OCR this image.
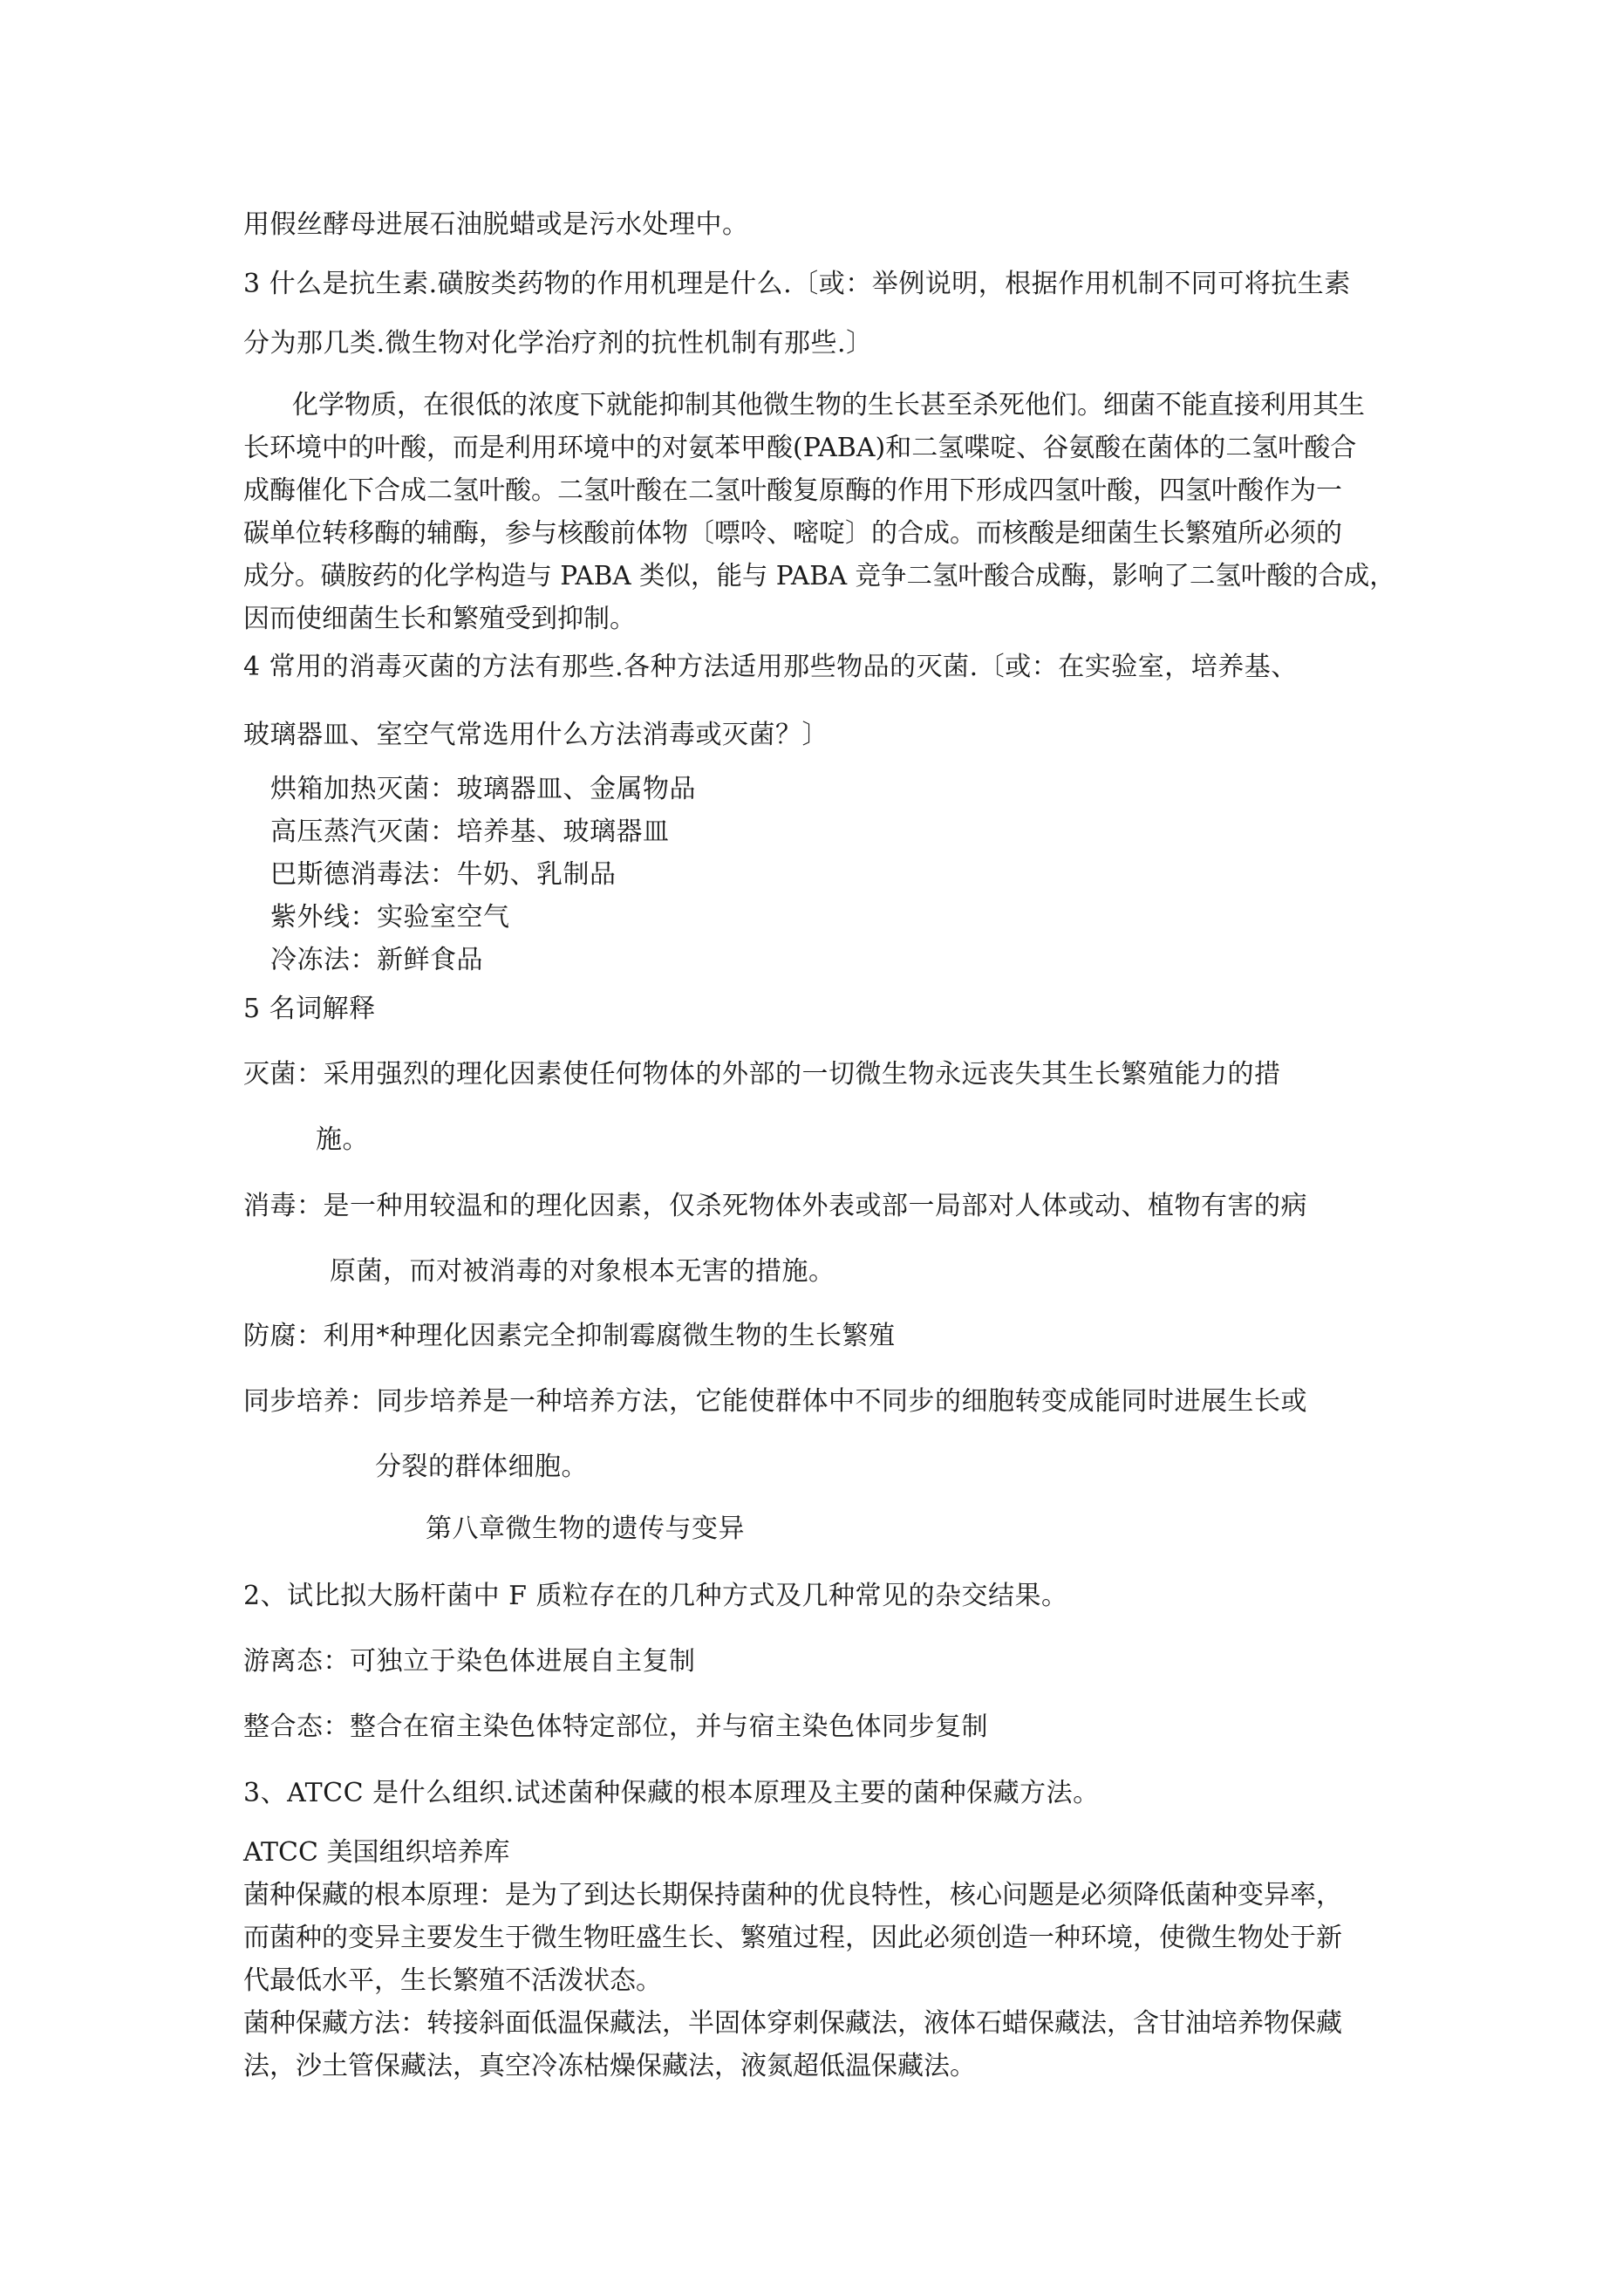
用假丝酵母进展石油脱蜡或是污水处理中。

3 什么是抗生素.磺胺类药物的作用机理是什么.〔或：举例说明，根据作用机制不同可将抗生素

分为那几类.微生物对化学治疗剂的抗性机制有那些.〕

化学物质，在很低的浓度下就能抑制其他微生物的生长甚至杀死他们。细菌不能直接利用其生

长环境中的叶酸，而是利用环境中的对氨苯甲酸(PABA)和二氢喋啶、谷氨酸在菌体的二氢叶酸合

成酶催化下合成二氢叶酸。二氢叶酸在二氢叶酸复原酶的作用下形成四氢叶酸，四氢叶酸作为一

碳单位转移酶的辅酶，参与核酸前体物〔嘌呤、嘧啶〕的合成。而核酸是细菌生长繁殖所必须的

成分。磺胺药的化学构造与 PABA 类似，能与 PABA 竞争二氢叶酸合成酶，影响了二氢叶酸的合成，

因而使细菌生长和繁殖受到抑制。

4 常用的消毒灭菌的方法有那些.各种方法适用那些物品的灭菌.〔或：在实验室，培养基、

玻璃器皿、室空气常选用什么方法消毒或灭菌？〕

烘箱加热灭菌：玻璃器皿、金属物品

高压蒸汽灭菌：培养基、玻璃器皿

巴斯德消毒法：牛奶、乳制品

紫外线：实验室空气

冷冻法：新鲜食品

5 名词解释

灭菌：采用强烈的理化因素使任何物体的外部的一切微生物永远丧失其生长繁殖能力的措

施。

消毒：是一种用较温和的理化因素，仅杀死物体外表或部一局部对人体或动、植物有害的病

原菌，而对被消毒的对象根本无害的措施。

防腐：利用*种理化因素完全抑制霉腐微生物的生长繁殖

同步培养：同步培养是一种培养方法，它能使群体中不同步的细胞转变成能同时进展生长或

分裂的群体细胞。

第八章微生物的遗传与变异

2、试比拟大肠杆菌中 F 质粒存在的几种方式及几种常见的杂交结果。

游离态：可独立于染色体进展自主复制

整合态：整合在宿主染色体特定部位，并与宿主染色体同步复制

3、ATCC 是什么组织.试述菌种保藏的根本原理及主要的菌种保藏方法。

ATCC 美国组织培养库

菌种保藏的根本原理：是为了到达长期保持菌种的优良特性，核心问题是必须降低菌种变异率，

而菌种的变异主要发生于微生物旺盛生长、繁殖过程，因此必须创造一种环境，使微生物处于新

代最低水平，生长繁殖不活泼状态。

菌种保藏方法：转接斜面低温保藏法，半固体穿刺保藏法，液体石蜡保藏法，含甘油培养物保藏

法，沙土管保藏法，真空冷冻枯燥保藏法，液氮超低温保藏法。
